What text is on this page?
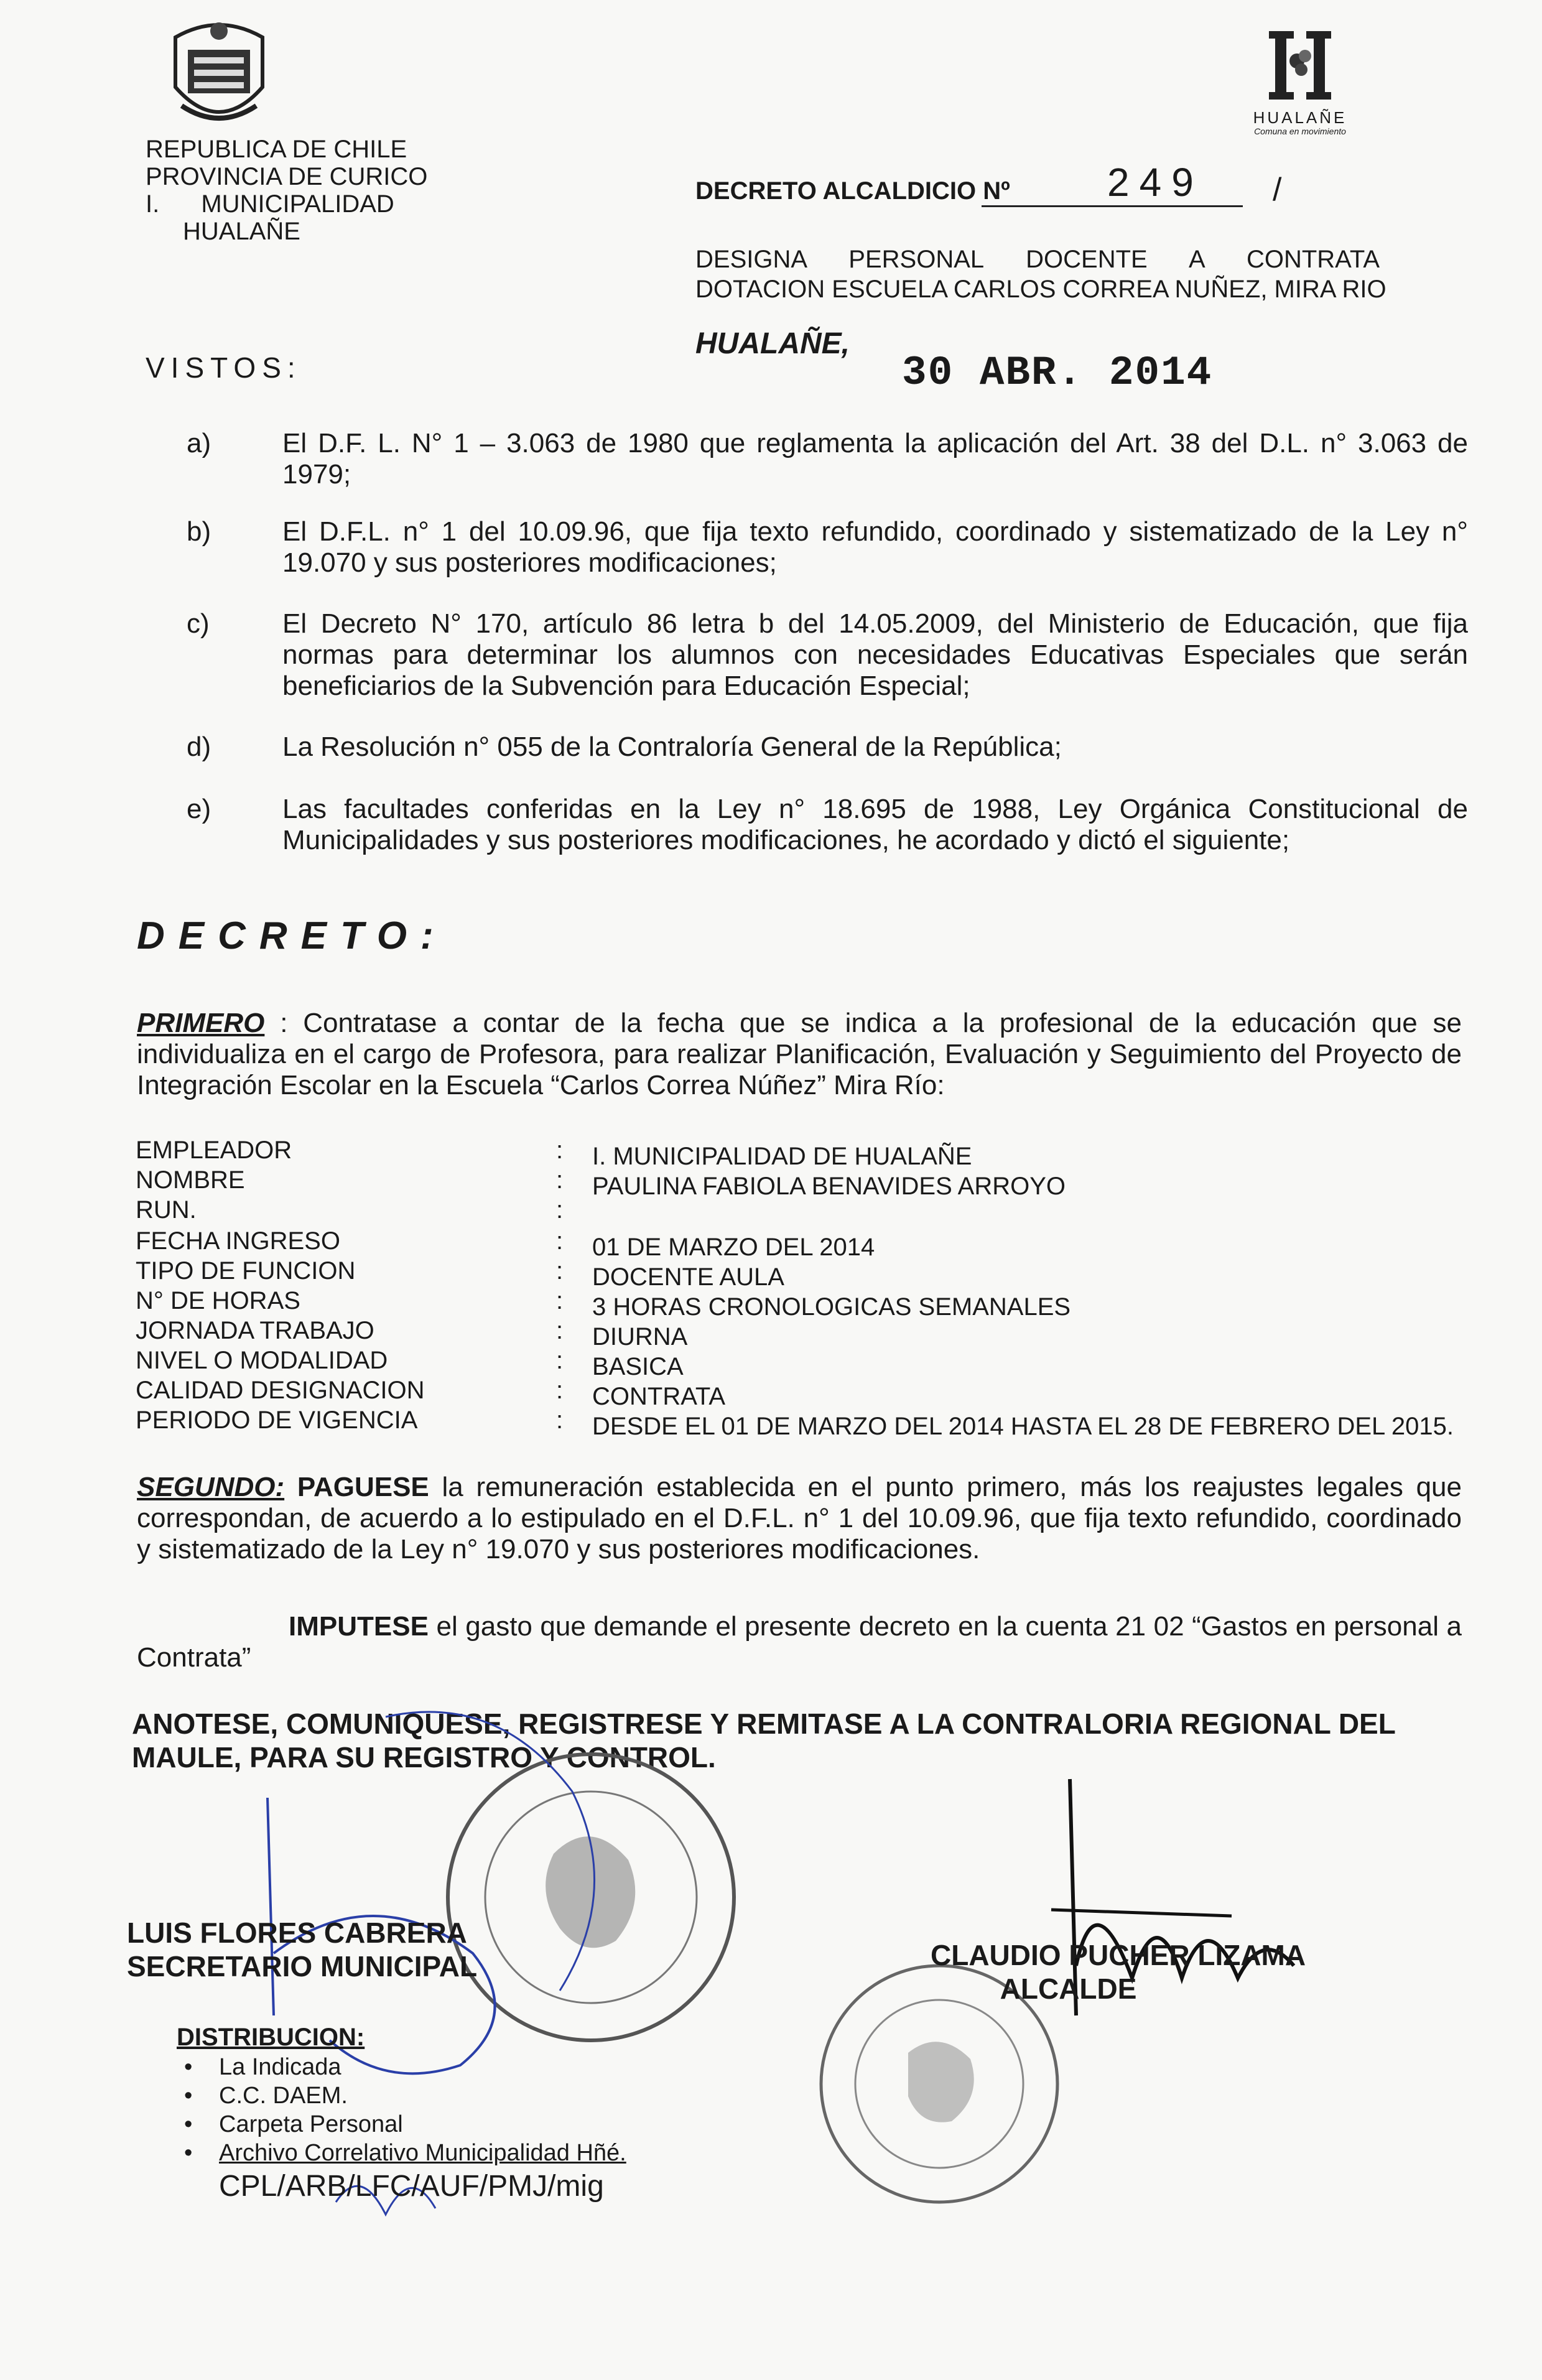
REPUBLICA DE CHILE
PROVINCIA DE CURICO
I. MUNICIPALIDAD
HUALAÑE
HUALAÑE
Comuna en movimiento
DECRETO ALCALDICIO Nº 249 /
DESIGNA PERSONAL DOCENTE A CONTRATA
DOTACION ESCUELA CARLOS CORREA NUÑEZ, MIRA RIO
HUALAÑE,
30 ABR. 2014
VISTOS:
a)	El D.F. L. N° 1 – 3.063 de 1980 que reglamenta la aplicación del Art. 38 del D.L. n° 3.063 de 1979;
b)	El D.F.L. n° 1 del 10.09.96, que fija texto refundido, coordinado y sistematizado de la Ley n° 19.070 y sus posteriores modificaciones;
c)	El Decreto N° 170, artículo 86 letra b del 14.05.2009, del Ministerio de Educación, que fija normas para determinar los alumnos con necesidades Educativas Especiales que serán beneficiarios de la Subvención para Educación Especial;
d)	La Resolución n° 055 de la Contraloría General de la República;
e)	Las facultades conferidas en la Ley n° 18.695 de 1988, Ley Orgánica Constitucional de Municipalidades y sus posteriores modificaciones, he acordado y dictó el siguiente;
DECRETO:
PRIMERO : Contratase a contar de la fecha que se indica a la profesional de la educación que se individualiza en el cargo de Profesora, para realizar Planificación, Evaluación y Seguimiento del Proyecto de Integración Escolar en la Escuela “Carlos Correa Núñez” Mira Río:
EMPLEADOR	: I. MUNICIPALIDAD DE HUALAÑE
NOMBRE	: PAULINA FABIOLA BENAVIDES ARROYO
RUN.	:
FECHA INGRESO	: 01 DE MARZO DEL 2014
TIPO DE FUNCION	: DOCENTE AULA
N° DE HORAS	: 3 HORAS CRONOLOGICAS SEMANALES
JORNADA TRABAJO	: DIURNA
NIVEL O MODALIDAD	: BASICA
CALIDAD DESIGNACION	: CONTRATA
PERIODO DE VIGENCIA	: DESDE EL 01 DE MARZO DEL 2014 HASTA EL 28 DE FEBRERO DEL 2015.
SEGUNDO: PAGUESE la remuneración establecida en el punto primero, más los reajustes legales que correspondan, de acuerdo a lo estipulado en el D.F.L. n° 1 del 10.09.96, que fija texto refundido, coordinado y sistematizado de la Ley n° 19.070 y sus posteriores modificaciones.
IMPUTESE el gasto que demande el presente decreto en la cuenta 21 02 “Gastos en personal a Contrata”
ANOTESE, COMUNIQUESE, REGISTRESE Y REMITASE A LA CONTRALORIA REGIONAL DEL MAULE, PARA SU REGISTRO Y CONTROL.
LUIS FLORES CABRERA
SECRETARIO MUNICIPAL	CLAUDIO PUCHER LIZAMA
ALCALDE
DISTRIBUCION:
• La Indicada
• C.C. DAEM.
• Carpeta Personal
• Archivo Correlativo Municipalidad Hñé.
CPL/ARB/LFC/AUF/PMJ/mig
